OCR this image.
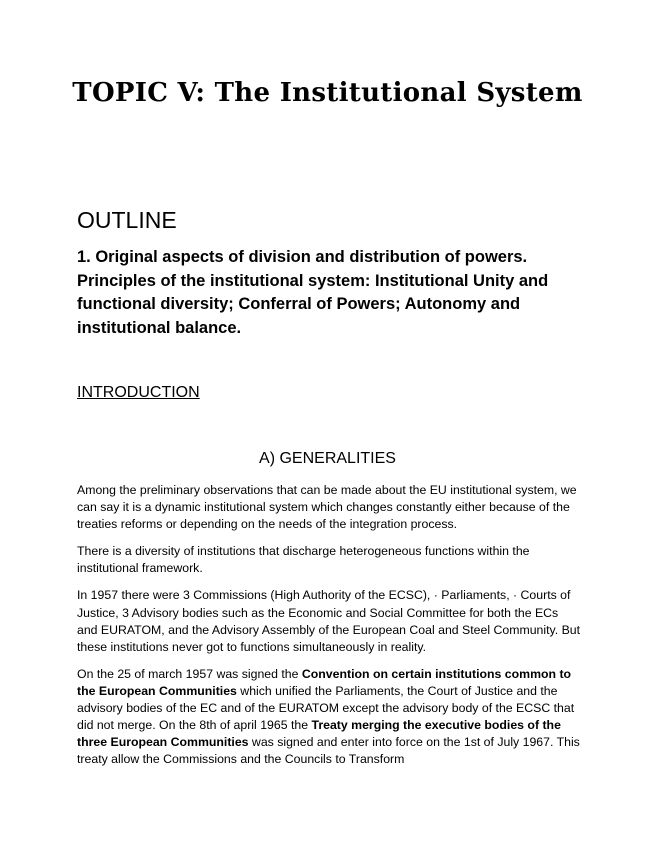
TOPIC V: The Institutional System
OUTLINE

1. Original aspects of division and distribution of powers. Principles of the institutional system: Institutional Unity and functional diversity; Conferral of Powers; Autonomy and institutional balance.

INTRODUCTION
A) GENERALITIES

Among the preliminary observations that can be made about the EU institutional system, we can say it is a dynamic institutional system which changes constantly either because of the treaties reforms or depending on the needs of the integration process.

There is a diversity of institutions that discharge heterogeneous functions within the institutional framework.

In 1957 there were 3 Commissions (High Authority of the ECSC), · Parliaments, · Courts of Justice, 3 Advisory bodies such as the Economic and Social Committee for both the ECs and EURATOM, and the Advisory Assembly of the European Coal and Steel Community. But these institutions never got to functions simultaneously in reality.

On the 25 of march 1957 was signed the Convention on certain institutions common to the European Communities which unified the Parliaments, the Court of Justice and the advisory bodies of the EC and of the EURATOM except the advisory body of the ECSC that did not merge. On the 8th of april 1965 the Treaty merging the executive bodies of the three European Communities was signed and enter into force on the 1st of July 1967. This treaty allow the Commissions and the Councils to Transform
